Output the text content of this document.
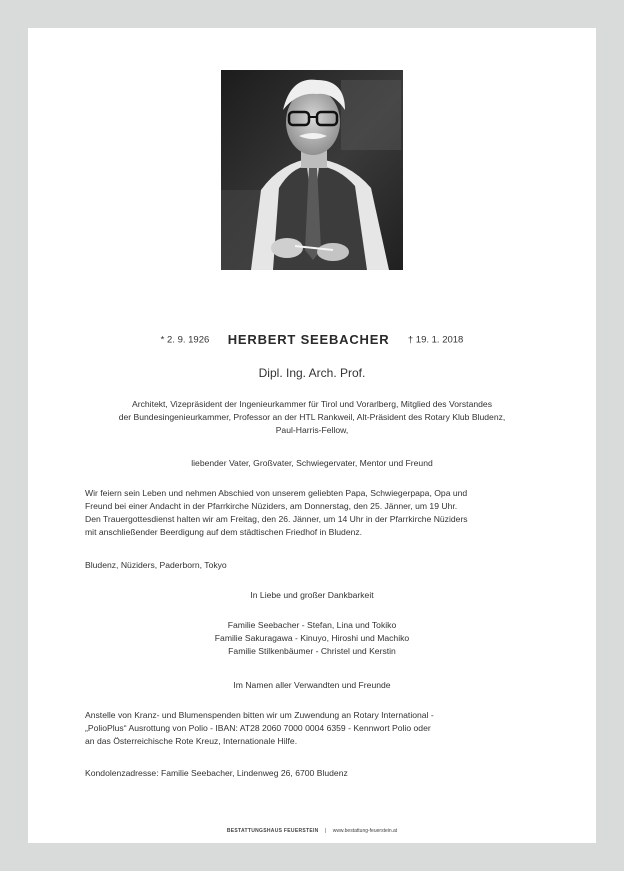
* 2. 9. 1926 HERBERT SEEBACHER † 19. 1. 2018
Dipl. Ing. Arch. Prof.

Architekt, Vizepräsident der Ingenieurkammer für Tirol und Vorarlberg, Mitglied des Vorstandes

der Bundesingenieurkammer, Professor an der HTL Rankweil, Alt-Präsident des Rotary Klub Bludenz,

Paul-Harris-Fellow,

liebender Vater, Großvater, Schwiegervater, Mentor und Freund

Wir feiern sein Leben und nehmen Abschied von unserem geliebten Papa, Schwiegerpapa, Opa und

Freund bei einer Andacht in der Pfarrkirche Nüziders, am Donnerstag, den 25. Jänner, um 19 Uhr.

Den Trauergottesdienst halten wir am Freitag, den 26. Jänner, um 14 Uhr in der Pfarrkirche Nüziders

mit anschließender Beerdigung auf dem städtischen Friedhof in Bludenz.

Bludenz, Nüziders, Paderborn, Tokyo
In Liebe und großer Dankbarkeit

Familie Seebacher - Stefan, Lina und Tokiko

Familie Sakuragawa - Kinuyo, Hiroshi und Machiko

Familie Stilkenbäumer - Christel und Kerstin

Im Namen aller Verwandten und Freunde

Anstelle von Kranz- und Blumenspenden bitten wir um Zuwendung an Rotary International -

„PolioPlus“ Ausrottung von Polio - IBAN: AT28 2060 7000 0004 6359 - Kennwort Polio oder

an das Österreichische Rote Kreuz, Internationale Hilfe.

Kondolenzadresse: Familie Seebacher, Lindenweg 26, 6700 Bludenz
BESTATTUNGSHAUS FEUERSTEIN | www.bestattung-feuerstein.at
